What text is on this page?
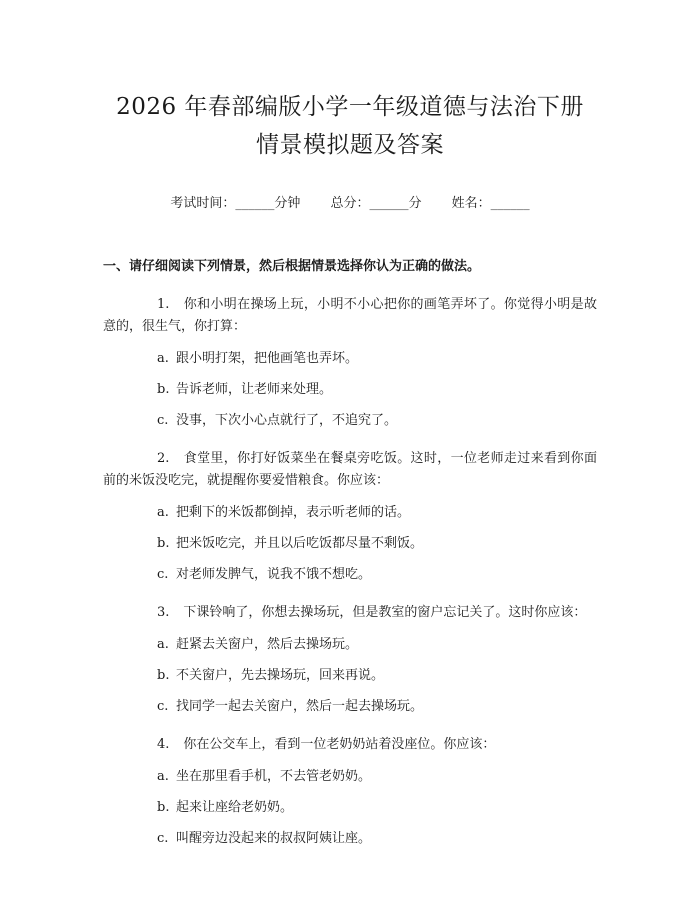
2026 年春部编版小学一年级道德与法治下册
情景模拟题及答案
考试时间：______分钟 总分：______分 姓名：______
一、请仔细阅读下列情景，然后根据情景选择你认为正确的做法。
1. 你和小明在操场上玩，小明不小心把你的画笔弄坏了。你觉得小明是故意的，很生气，你打算：
a. 跟小明打架，把他画笔也弄坏。
b. 告诉老师，让老师来处理。
c. 没事，下次小心点就行了，不追究了。
2. 食堂里，你打好饭菜坐在餐桌旁吃饭。这时，一位老师走过来看到你面前的米饭没吃完，就提醒你要爱惜粮食。你应该：
a. 把剩下的米饭都倒掉，表示听老师的话。
b. 把米饭吃完，并且以后吃饭都尽量不剩饭。
c. 对老师发脾气，说我不饿不想吃。
3. 下课铃响了，你想去操场玩，但是教室的窗户忘记关了。这时你应该：
a. 赶紧去关窗户，然后去操场玩。
b. 不关窗户，先去操场玩，回来再说。
c. 找同学一起去关窗户，然后一起去操场玩。
4. 你在公交车上，看到一位老奶奶站着没座位。你应该：
a. 坐在那里看手机，不去管老奶奶。
b. 起来让座给老奶奶。
c. 叫醒旁边没起来的叔叔阿姨让座。
